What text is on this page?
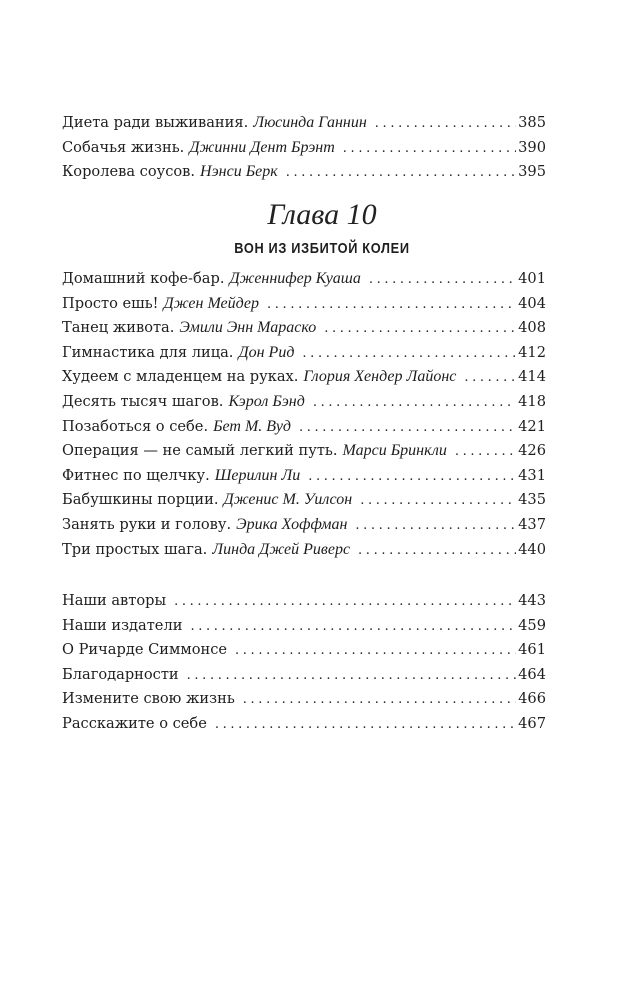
Диета ради выживания. Люсинда Ганнин . . .	385
Собачья жизнь. Джинни Дент Брэнт . . .	390
Королева соусов. Нэнси Берк . . .	395
Глава 10
ВОН ИЗ ИЗБИТОЙ КОЛЕИ
Домашний кофе-бар. Дженнифер Куаша . . .	401
Просто ешь! Джен Мейдер . . .	404
Танец живота. Эмили Энн Мараско . . .	408
Гимнастика для лица. Дон Рид . . .	412
Худеем с младенцем на руках. Глория Хендер Лайонс . . .	414
Десять тысяч шагов. Кэрол Бэнд . . .	418
Позаботься о себе. Бет М. Вуд . . .	421
Операция — не самый легкий путь. Марси Бринкли . . .	426
Фитнес по щелчку. Шерилин Ли . . .	431
Бабушкины порции. Дженис М. Уилсон . . .	435
Занять руки и голову. Эрика Хоффман . . .	437
Три простых шага. Линда Джей Риверс . . .	440
Наши авторы . . .	443
Наши издатели . . .	459
О Ричарде Симмонсе . . .	461
Благодарности . . .	464
Измените свою жизнь . . .	466
Расскажите о себе . . .	467
